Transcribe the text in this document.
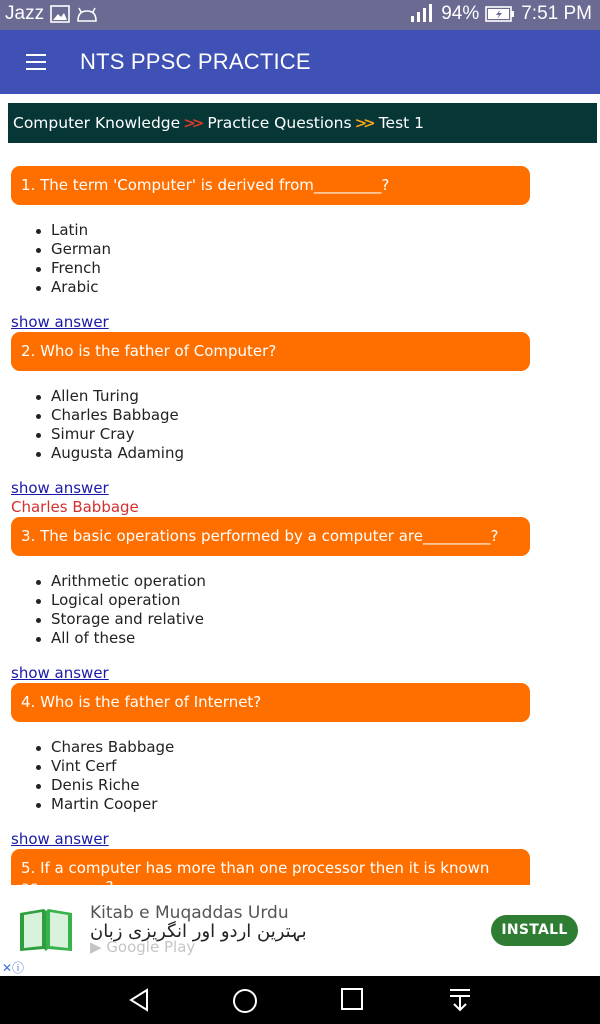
Jazz	94% 7:51 PM
NTS PPSC PRACTICE
Computer Knowledge >> Practice Questions >> Test 1
1. The term 'Computer' is derived from_________?
Latin
German
French
Arabic
show answer
2. Who is the father of Computer?
Allen Turing
Charles Babbage
Simur Cray
Augusta Adaming
show answer
Charles Babbage
3. The basic operations performed by a computer are_________?
Arithmetic operation
Logical operation
Storage and relative
All of these
show answer
4. Who is the father of Internet?
Chares Babbage
Vint Cerf
Denis Riche
Martin Cooper
show answer
5. If a computer has more than one processor then it is known
Kitab e Muqaddas Urdu
بہترین اردو اور انگریزی زبان
▶ Google Play
INSTALL
✕ⓘ
